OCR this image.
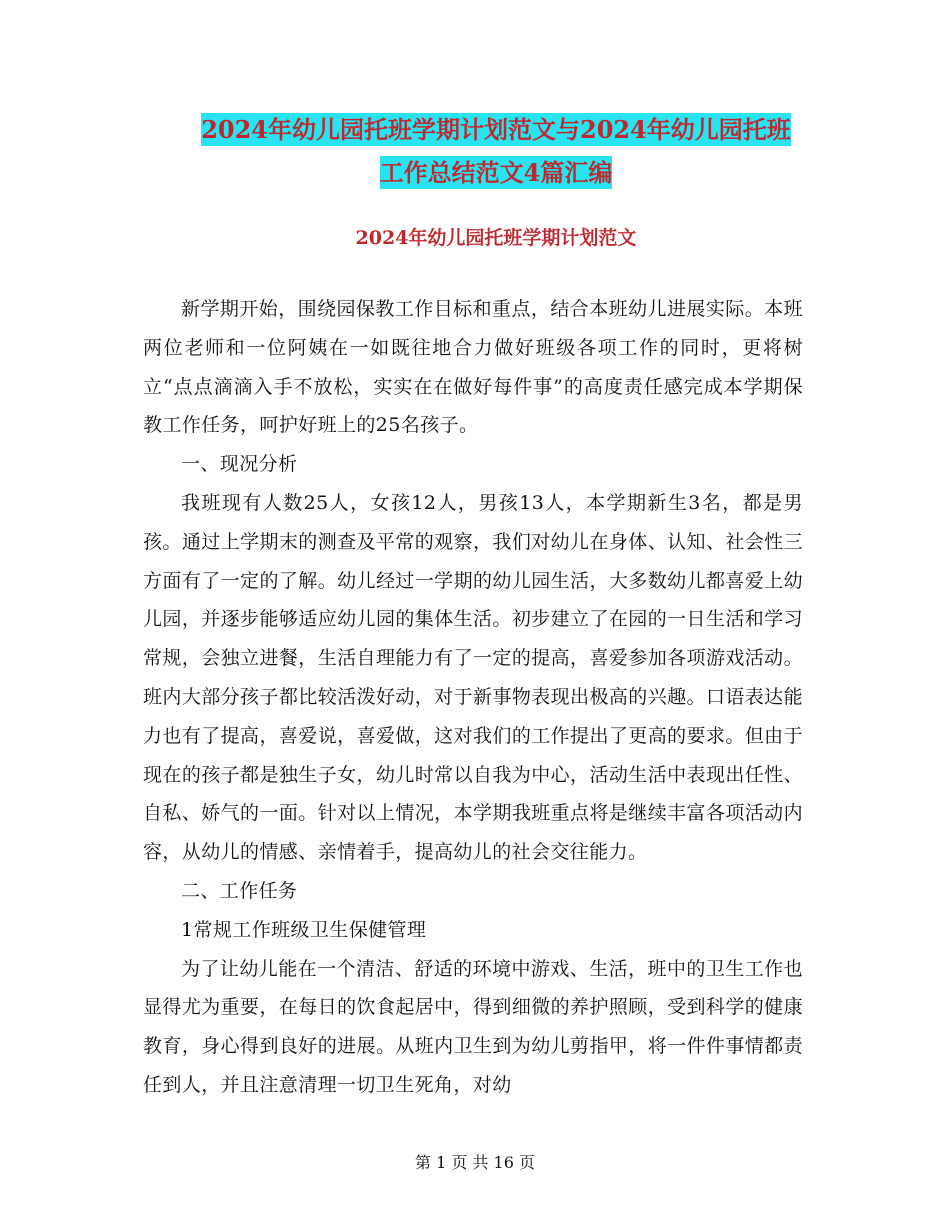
2024年幼儿园托班学期计划范文与2024年幼儿园托班
工作总结范文4篇汇编
2024年幼儿园托班学期计划范文

新学期开始，围绕园保教工作目标和重点，结合本班幼儿进展实际。本班两位老师和一位阿姨在一如既往地合力做好班级各项工作的同时，更将树立“点点滴滴入手不放松，实实在在做好每件事”的高度责任感完成本学期保教工作任务，呵护好班上的25名孩子。

一、现况分析

我班现有人数25人，女孩12人，男孩13人，本学期新生3名，都是男孩。通过上学期末的测查及平常的观察，我们对幼儿在身体、认知、社会性三方面有了一定的了解。幼儿经过一学期的幼儿园生活，大多数幼儿都喜爱上幼儿园，并逐步能够适应幼儿园的集体生活。初步建立了在园的一日生活和学习常规，会独立进餐，生活自理能力有了一定的提高，喜爱参加各项游戏活动。班内大部分孩子都比较活泼好动，对于新事物表现出极高的兴趣。口语表达能力也有了提高，喜爱说，喜爱做，这对我们的工作提出了更高的要求。但由于现在的孩子都是独生子女，幼儿时常以自我为中心，活动生活中表现出任性、自私、娇气的一面。针对以上情况，本学期我班重点将是继续丰富各项活动内容，从幼儿的情感、亲情着手，提高幼儿的社会交往能力。

二、工作任务

1常规工作班级卫生保健管理

为了让幼儿能在一个清洁、舒适的环境中游戏、生活，班中的卫生工作也显得尤为重要，在每日的饮食起居中，得到细微的养护照顾，受到科学的健康教育，身心得到良好的进展。从班内卫生到为幼儿剪指甲，将一件件事情都责任到人，并且注意清理一切卫生死角，对幼

第 1 页 共 16 页
